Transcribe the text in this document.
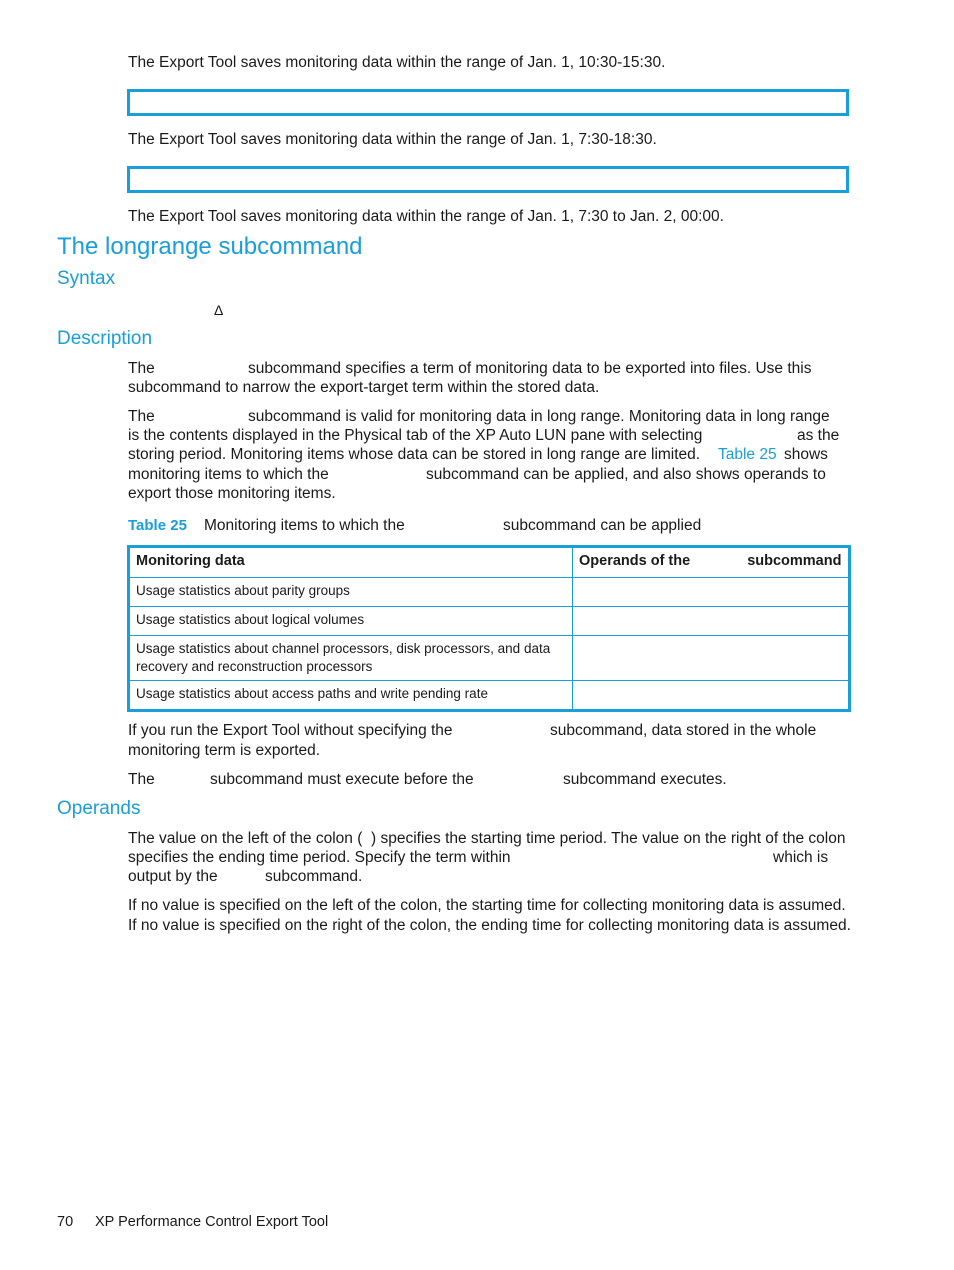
The Export Tool saves monitoring data within the range of Jan. 1, 10:30-15:30.
The Export Tool saves monitoring data within the range of Jan. 1, 7:30-18:30.
The Export Tool saves monitoring data within the range of Jan. 1, 7:30 to Jan. 2, 00:00.
The longrange subcommand
Syntax
Δ
Description
The	subcommand specifies a term of monitoring data to be exported into files. Use this
subcommand to narrow the export-target term within the stored data.
The	subcommand is valid for monitoring data in long range. Monitoring data in long range
is the contents displayed in the Physical tab of the XP Auto LUN pane with selecting	as the
storing period. Monitoring items whose data can be stored in long range are limited. Table 25 shows
monitoring items to which the	subcommand can be applied, and also shows operands to
export those monitoring items.
Table 25 Monitoring items to which the	subcommand can be applied
Monitoring data	Operands of the subcommand
Usage statistics about parity groups	
Usage statistics about logical volumes	
Usage statistics about channel processors, disk processors, and data recovery and reconstruction processors	
Usage statistics about access paths and write pending rate	
If you run the Export Tool without specifying the	subcommand, data stored in the whole
monitoring term is exported.
The	subcommand must execute before the	subcommand executes.
Operands
The value on the left of the colon ( ) specifies the starting time period. The value on the right of the colon
specifies the ending time period. Specify the term within	which is
output by the	subcommand.
If no value is specified on the left of the colon, the starting time for collecting monitoring data is assumed.
If no value is specified on the right of the colon, the ending time for collecting monitoring data is assumed.
70 XP Performance Control Export Tool
